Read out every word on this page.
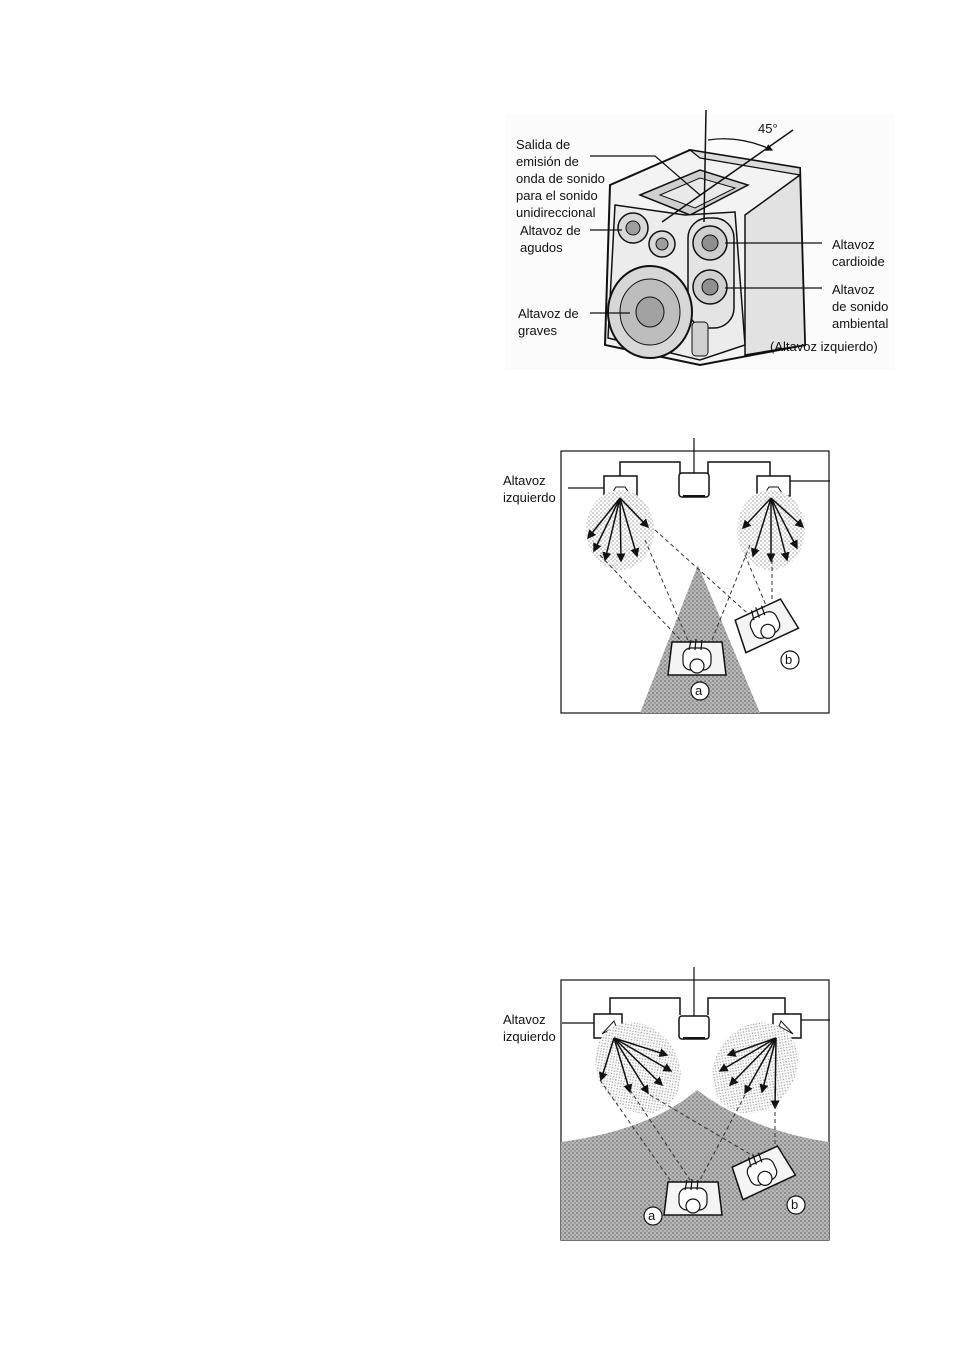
45°
Salida de
emisión de
onda de sonido
para el sonido
unidireccional
Altavoz de
agudos
Altavoz de
graves
Altavoz
cardioide
Altavoz
de sonido
ambiental
(Altavoz izquierdo)
Altavoz
izquierdo
a
b
Altavoz
izquierdo
a
b
